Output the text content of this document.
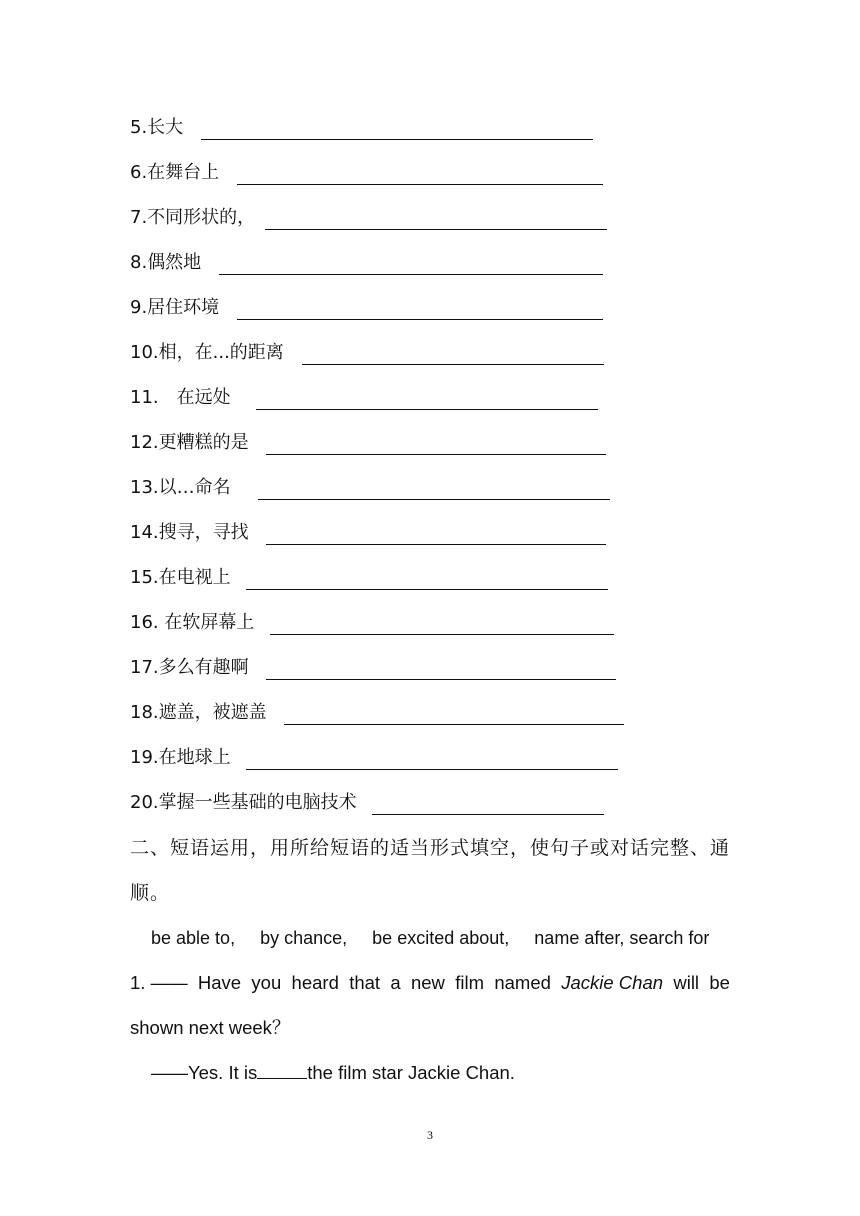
5.长大
6.在舞台上
7.不同形状的，
8.偶然地
9.居住环境
10.相，在...的距离
11.　在远处
12.更糟糕的是
13.以…命名
14.搜寻，寻找
15.在电视上
16. 在软屏幕上
17.多么有趣啊
18.遮盖，被遮盖
19.在地球上
20.掌握一些基础的电脑技术
二、短语运用，用所给短语的适当形式填空，使句子或对话完整、通
顺。
be able to, by chance, be excited about, name after, search for
1. —— Have you heard that a new film named Jackie Chan will be
shown next week？
——Yes. It is	the film star Jackie Chan.
3
